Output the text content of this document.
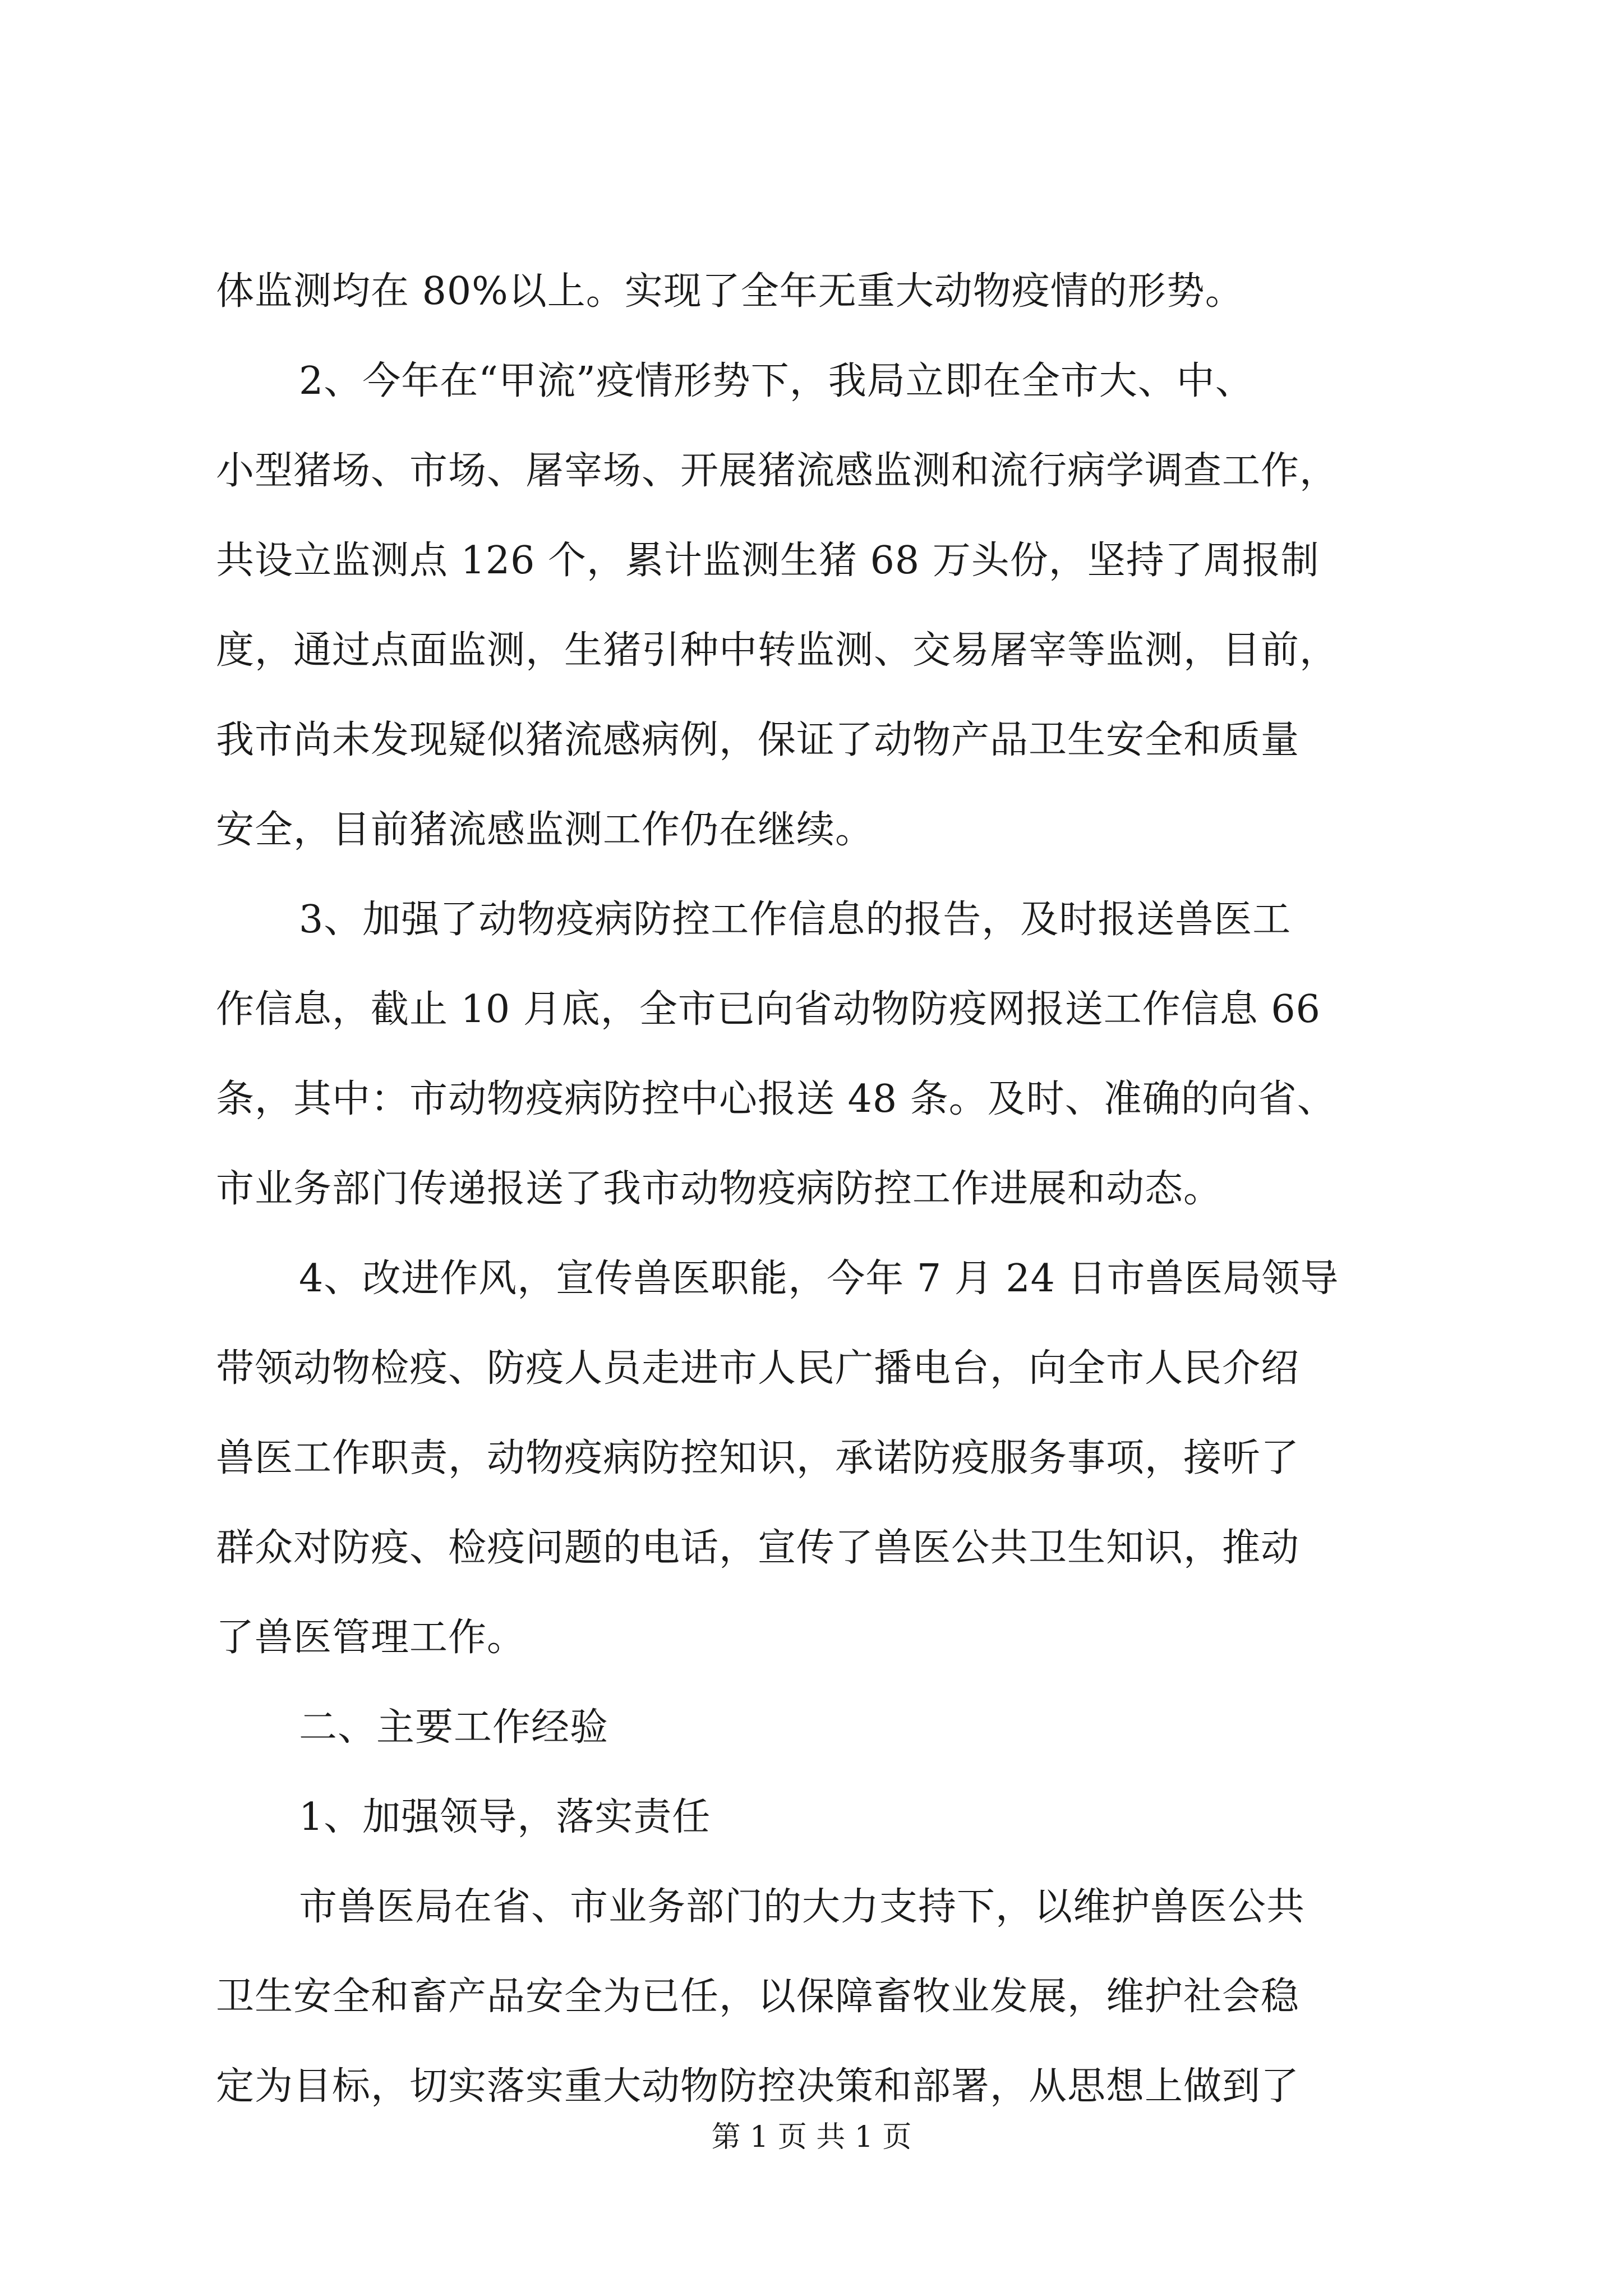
体监测均在 80%以上。实现了全年无重大动物疫情的形势。
2、今年在“甲流”疫情形势下，我局立即在全市大、中、
小型猪场、市场、屠宰场、开展猪流感监测和流行病学调查工作，
共设立监测点 126 个，累计监测生猪 68 万头份，坚持了周报制
度，通过点面监测，生猪引种中转监测、交易屠宰等监测，目前，
我市尚未发现疑似猪流感病例，保证了动物产品卫生安全和质量
安全，目前猪流感监测工作仍在继续。
3、加强了动物疫病防控工作信息的报告，及时报送兽医工
作信息，截止 10 月底，全市已向省动物防疫网报送工作信息 66
条，其中：市动物疫病防控中心报送 48 条。及时、准确的向省、
市业务部门传递报送了我市动物疫病防控工作进展和动态。
4、改进作风，宣传兽医职能，今年 7 月 24 日市兽医局领导
带领动物检疫、防疫人员走进市人民广播电台，向全市人民介绍
兽医工作职责，动物疫病防控知识，承诺防疫服务事项，接听了
群众对防疫、检疫问题的电话，宣传了兽医公共卫生知识，推动
了兽医管理工作。
二、主要工作经验
1、加强领导，落实责任
市兽医局在省、市业务部门的大力支持下，以维护兽医公共
卫生安全和畜产品安全为已任，以保障畜牧业发展，维护社会稳
定为目标，切实落实重大动物防控决策和部署，从思想上做到了
第 1 页 共 1 页
